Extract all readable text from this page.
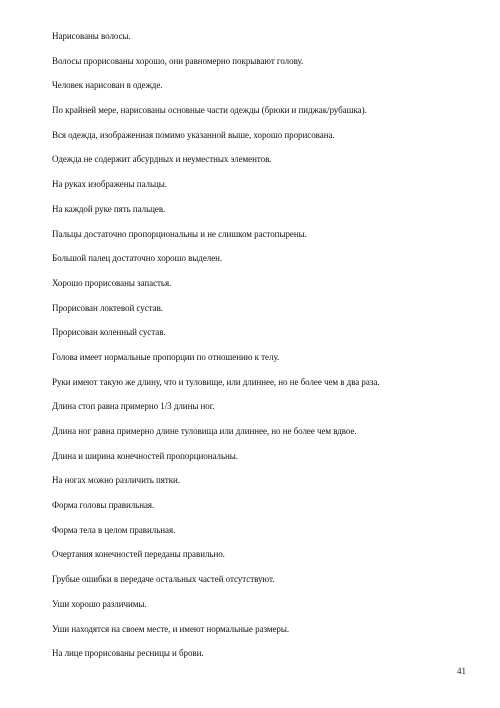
Нарисованы волосы.
Волосы прорисованы хорошо, они равномерно покрывают голову.
Человек нарисован в одежде.
По крайней мере, нарисованы основные части одежды (брюки и пиджак/рубашка).
Вся одежда, изображенная помимо указанной выше, хорошо прорисована.
Одежда не содержит абсурдных и неуместных элементов.
На руках изображены пальцы.
На каждой руке пять пальцев.
Пальцы достаточно пропорциональны и не слишком растопырены.
Большой палец достаточно хорошо выделен.
Хорошо прорисованы запастья.
Прорисован локтевой сустав.
Прорисован коленный сустав.
Голова имеет нормальные пропорции по отношению к телу.
Руки имеют такую же длину, что и туловище, или длиннее, но не более чем в два раза.
Длина стоп равна примерно 1/3 длины ног.
Длина ног равна примерно длине туловища или длиннее, но не более чем вдвое.
Длина и ширина конечностей пропорциональны.
На ногах можно различить пятки.
Форма головы правильная.
Форма тела в целом правильная.
Очертания конечностей переданы правильно.
Грубые ошибки в передаче остальных частей отсутствуют.
Уши хорошо различимы.
Уши находятся на своем месте, и имеют нормальные размеры.
На лице прорисованы ресницы и брови.
41
